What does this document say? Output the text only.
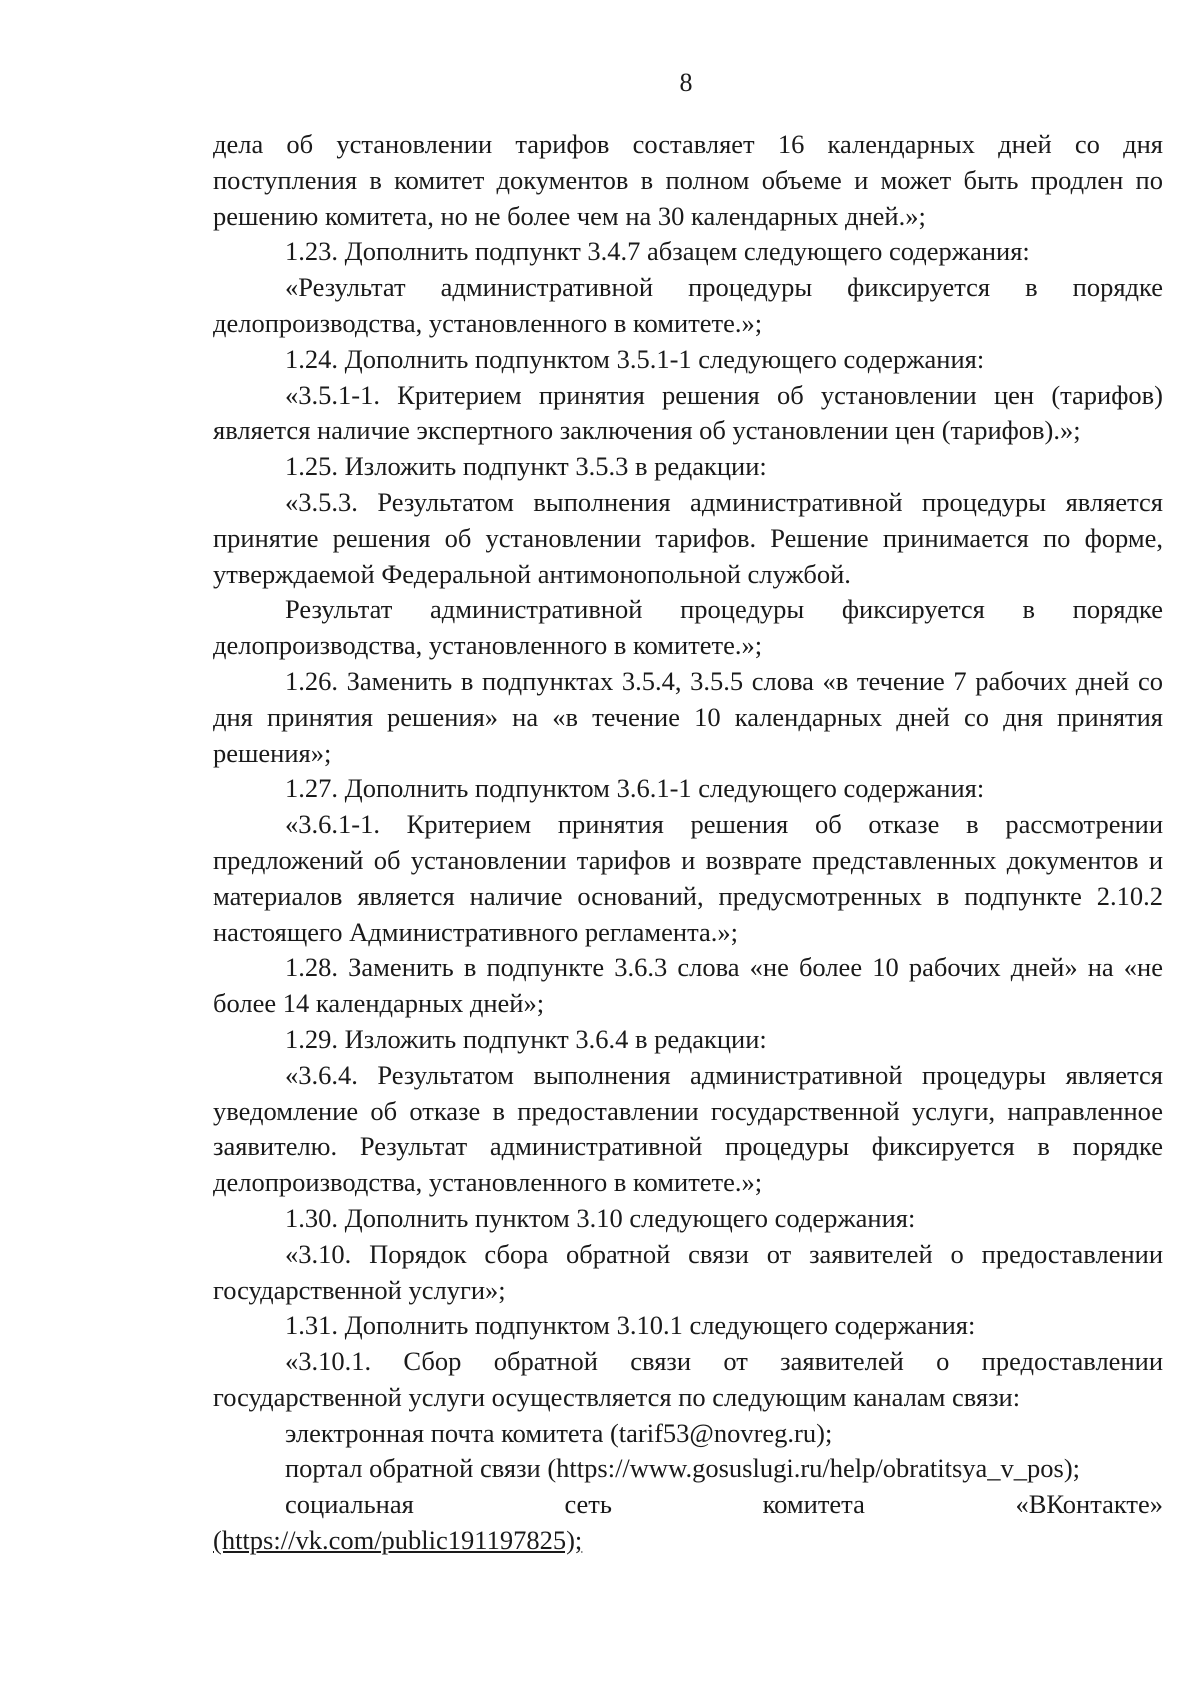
8

дела об установлении тарифов составляет 16 календарных дней со дня поступления в комитет документов в полном объеме и может быть продлен по решению комитета, но не более чем на 30 календарных дней.»;

1.23. Дополнить подпункт 3.4.7 абзацем следующего содержания:

«Результат административной процедуры фиксируется в порядке делопроизводства, установленного в комитете.»;

1.24. Дополнить подпунктом 3.5.1-1 следующего содержания:

«3.5.1-1. Критерием принятия решения об установлении цен (тарифов) является наличие экспертного заключения об установлении цен (тарифов).»;

1.25. Изложить подпункт 3.5.3 в редакции:

«3.5.3. Результатом выполнения административной процедуры является принятие решения об установлении тарифов. Решение принимается по форме, утверждаемой Федеральной антимонопольной службой.

Результат административной процедуры фиксируется в порядке делопроизводства, установленного в комитете.»;

1.26. Заменить в подпунктах 3.5.4, 3.5.5 слова «в течение 7 рабочих дней со дня принятия решения» на «в течение 10 календарных дней со дня принятия решения»;

1.27. Дополнить подпунктом 3.6.1-1 следующего содержания:

«3.6.1-1. Критерием принятия решения об отказе в рассмотрении предложений об установлении тарифов и возврате представленных документов и материалов является наличие оснований, предусмотренных в подпункте 2.10.2 настоящего Административного регламента.»;

1.28. Заменить в подпункте 3.6.3 слова «не более 10 рабочих дней» на «не более 14 календарных дней»;

1.29. Изложить подпункт 3.6.4 в редакции:

«3.6.4. Результатом выполнения административной процедуры является уведомление об отказе в предоставлении государственной услуги, направленное заявителю. Результат административной процедуры фиксируется в порядке делопроизводства, установленного в комитете.»;

1.30. Дополнить пунктом 3.10 следующего содержания:

«3.10. Порядок сбора обратной связи от заявителей о предоставлении государственной услуги»;

1.31. Дополнить подпунктом 3.10.1 следующего содержания:

«3.10.1. Сбор обратной связи от заявителей о предоставлении государственной услуги осуществляется по следующим каналам связи:

электронная почта комитета (tarif53@novreg.ru);

портал обратной связи (https://www.gosuslugi.ru/help/obratitsya_v_pos);

социальная	сеть	комитета	«ВКонтакте»

(https://vk.com/public191197825);
